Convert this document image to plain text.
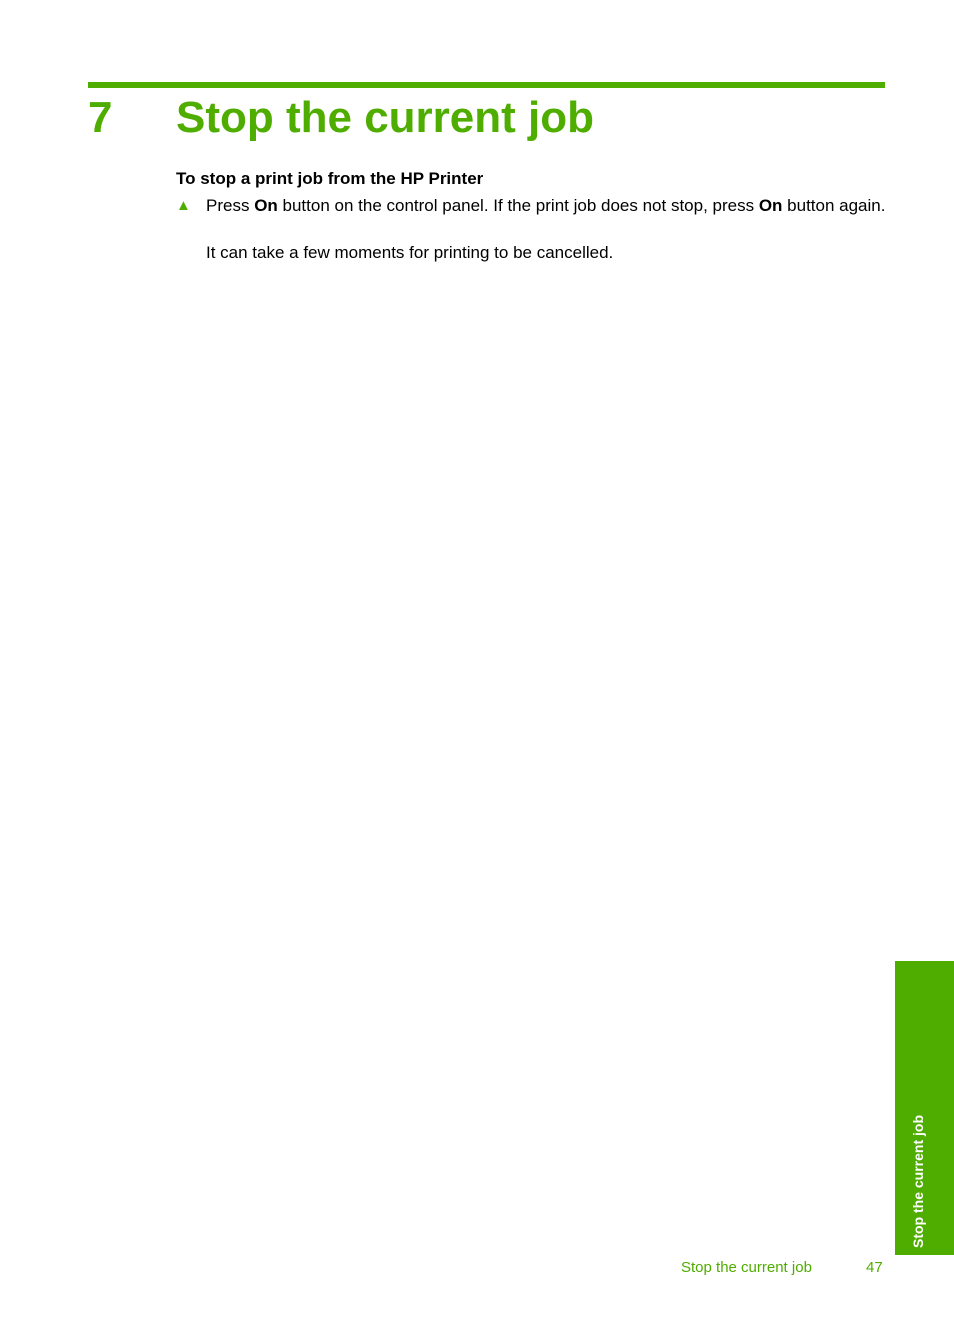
7 Stop the current job
To stop a print job from the HP Printer
▲ Press On button on the control panel. If the print job does not stop, press On button again.
It can take a few moments for printing to be cancelled.
Stop the current job
Stop the current job	47
